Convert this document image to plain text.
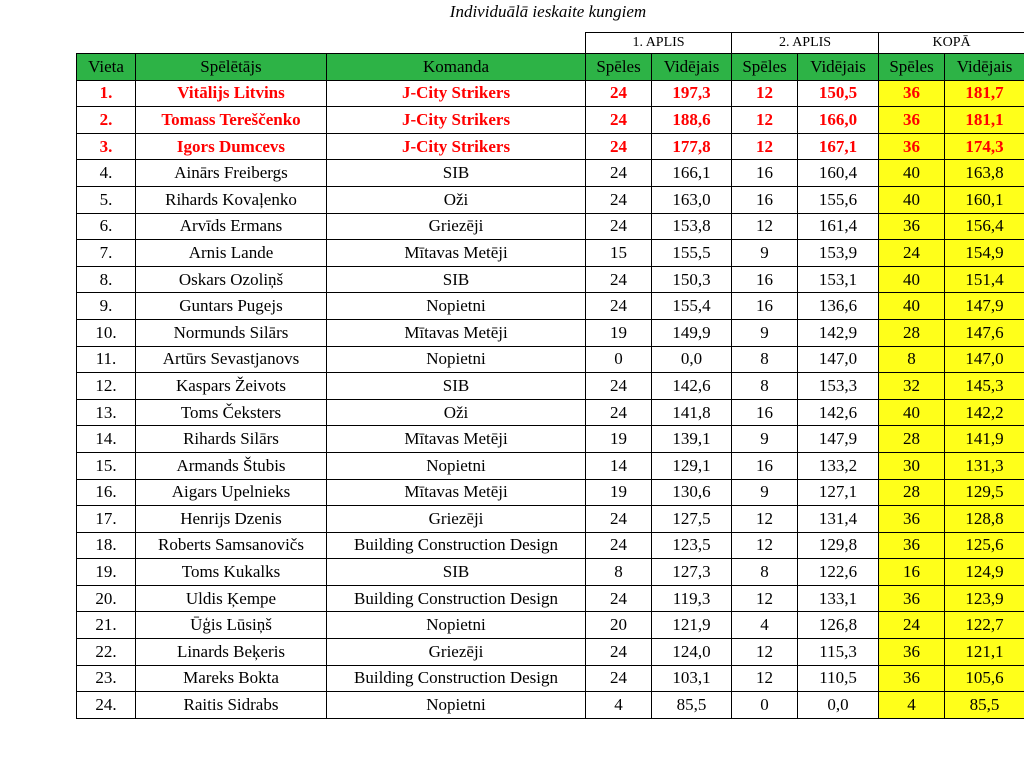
Individuālā ieskaite kungiem
			1. APLIS		2. APLIS		KOPĀ	
Vieta	Spēlētājs	Komanda	Spēles	Vidējais	Spēles	Vidējais	Spēles	Vidējais
1.	Vitālijs Litvins	J-City Strikers	24	197,3	12	150,5	36	181,7
2.	Tomass Tereščenko	J-City Strikers	24	188,6	12	166,0	36	181,1
3.	Igors Dumcevs	J-City Strikers	24	177,8	12	167,1	36	174,3
4.	Ainārs Freibergs	SIB	24	166,1	16	160,4	40	163,8
5.	Rihards Kovaļenko	Oži	24	163,0	16	155,6	40	160,1
6.	Arvīds Ermans	Griezēji	24	153,8	12	161,4	36	156,4
7.	Arnis Lande	Mītavas Metēji	15	155,5	9	153,9	24	154,9
8.	Oskars Ozoliņš	SIB	24	150,3	16	153,1	40	151,4
9.	Guntars Pugejs	Nopietni	24	155,4	16	136,6	40	147,9
10.	Normunds Silārs	Mītavas Metēji	19	149,9	9	142,9	28	147,6
11.	Artūrs Sevastjanovs	Nopietni	0	0,0	8	147,0	8	147,0
12.	Kaspars Žeivots	SIB	24	142,6	8	153,3	32	145,3
13.	Toms Čeksters	Oži	24	141,8	16	142,6	40	142,2
14.	Rihards Silārs	Mītavas Metēji	19	139,1	9	147,9	28	141,9
15.	Armands Štubis	Nopietni	14	129,1	16	133,2	30	131,3
16.	Aigars Upelnieks	Mītavas Metēji	19	130,6	9	127,1	28	129,5
17.	Henrijs Dzenis	Griezēji	24	127,5	12	131,4	36	128,8
18.	Roberts Samsanovičs	Building Construction Design	24	123,5	12	129,8	36	125,6
19.	Toms Kukalks	SIB	8	127,3	8	122,6	16	124,9
20.	Uldis Ķempe	Building Construction Design	24	119,3	12	133,1	36	123,9
21.	Ūģis Lūsiņš	Nopietni	20	121,9	4	126,8	24	122,7
22.	Linards Beķeris	Griezēji	24	124,0	12	115,3	36	121,1
23.	Mareks Bokta	Building Construction Design	24	103,1	12	110,5	36	105,6
24.	Raitis Sidrabs	Nopietni	4	85,5	0	0,0	4	85,5
